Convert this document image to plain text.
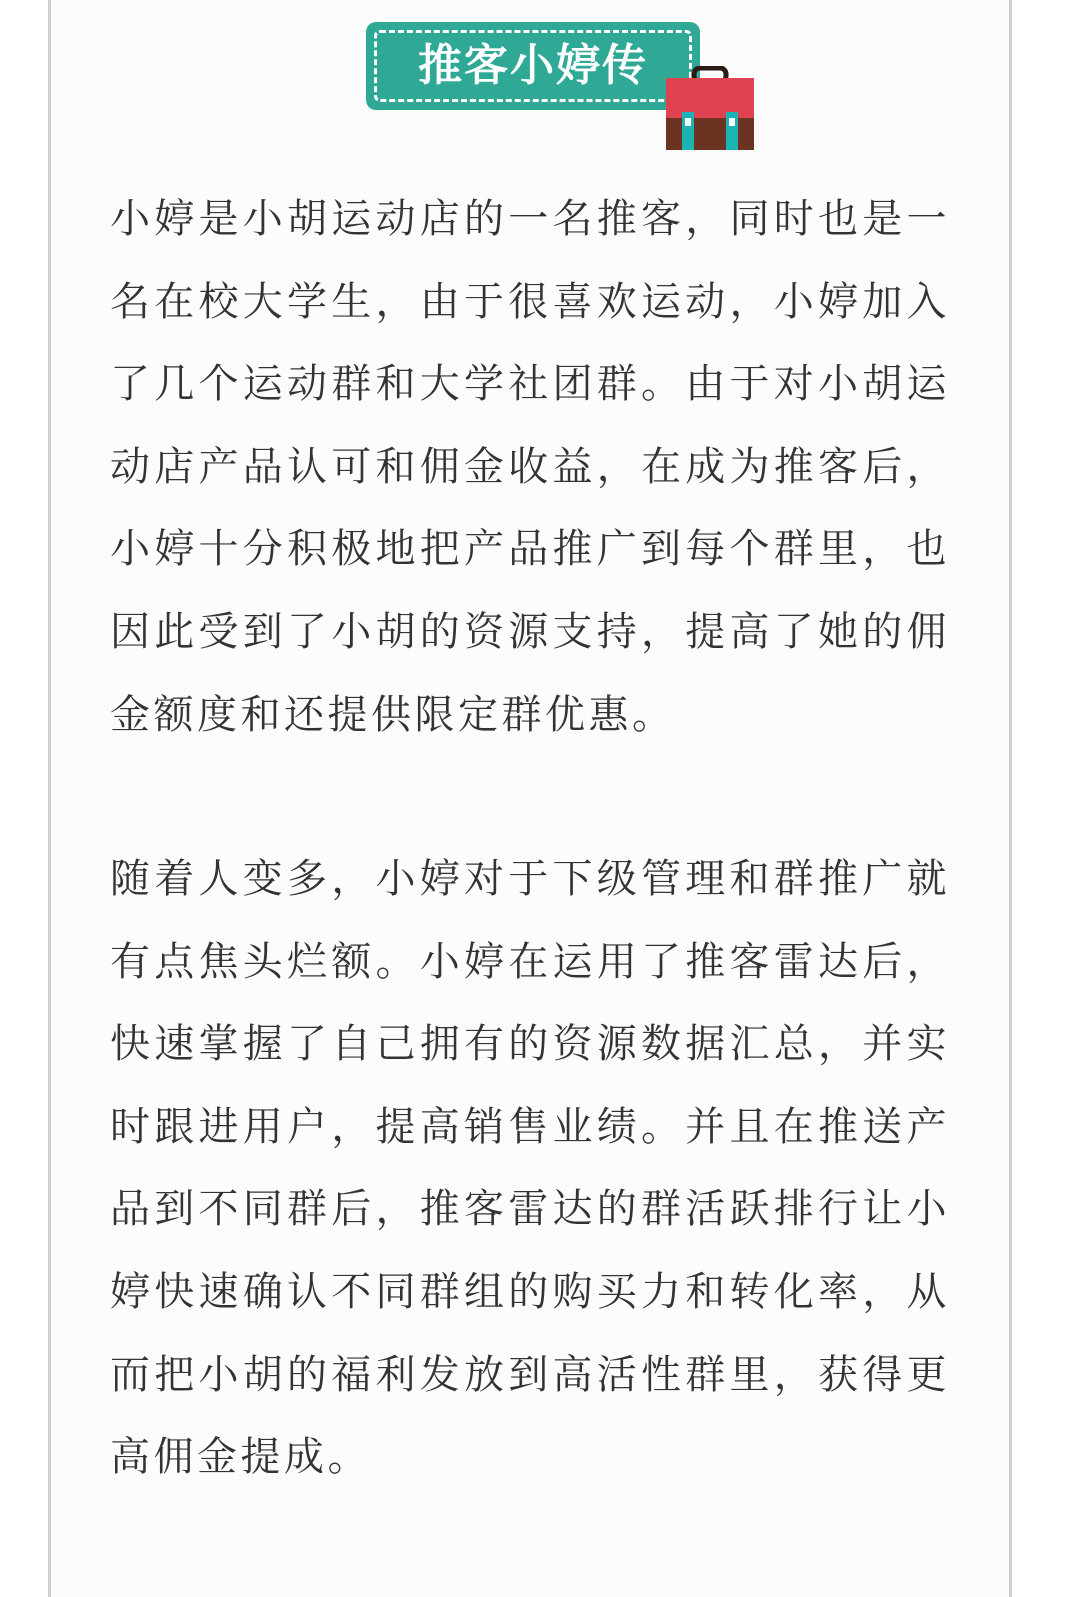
推客小婷传

小婷是小胡运动店的一名推客，同时也是一名在校大学生，由于很喜欢运动，小婷加入了几个运动群和大学社团群。由于对小胡运动店产品认可和佣金收益，在成为推客后，小婷十分积极地把产品推广到每个群里，也因此受到了小胡的资源支持，提高了她的佣金额度和还提供限定群优惠。

随着人变多，小婷对于下级管理和群推广就有点焦头烂额。小婷在运用了推客雷达后，快速掌握了自己拥有的资源数据汇总，并实时跟进用户，提高销售业绩。并且在推送产品到不同群后，推客雷达的群活跃排行让小婷快速确认不同群组的购买力和转化率，从而把小胡的福利发放到高活性群里，获得更高佣金提成。
